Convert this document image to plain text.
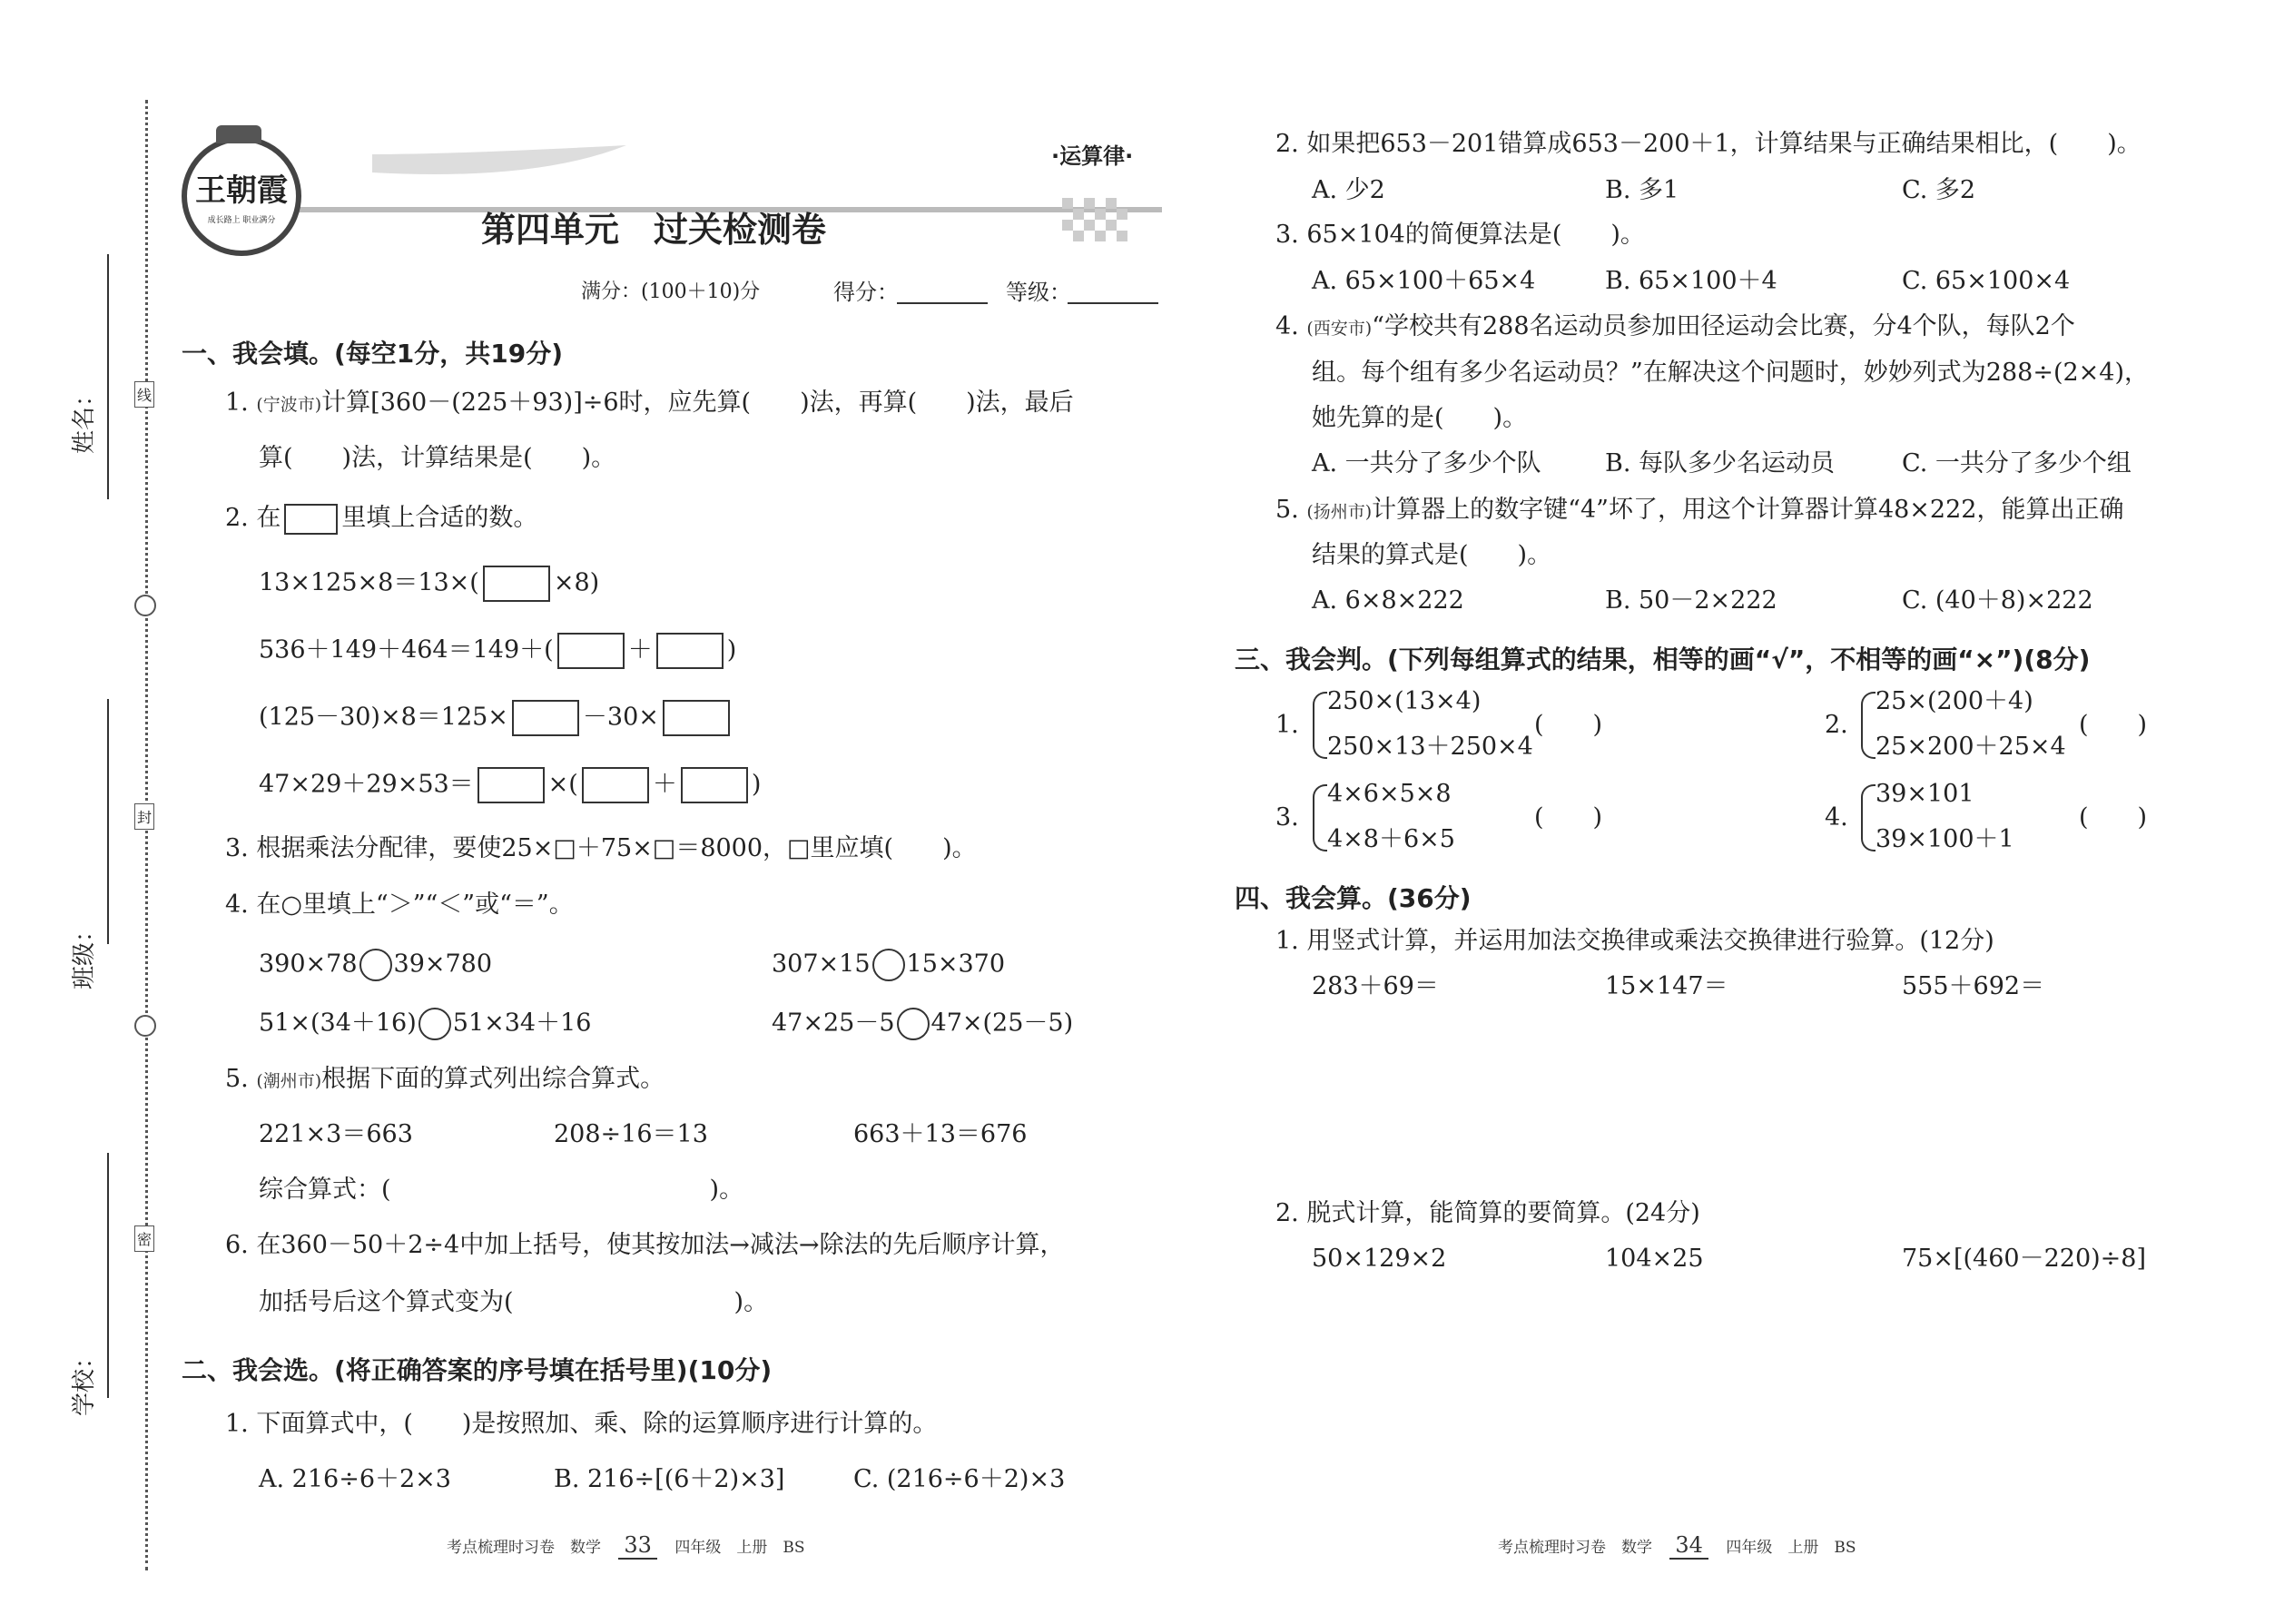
姓名：
班级：
学校：
线
封
密
王朝霞
成长路上 职业满分
·运算律·
第四单元　过关检测卷
满分：(100＋10)分	得分：	等级：
一、我会填。(每空1分，共19分)
1. (宁波市)计算[360－(225＋93)]÷6时，应先算(　　)法，再算(　　)法，最后
算(　　)法，计算结果是(　　)。
2. 在 里填上合适的数。
13×125×8＝13×(	×8)
536＋149＋464＝149＋(	＋	)
(125－30)×8＝125×	－30×
47×29＋29×53＝	×(	＋	)
3. 根据乘法分配律，要使25×□＋75×□＝8000，□里应填(　　)。
4. 在○里填上“＞”“＜”或“＝”。
390×78 39×780	307×15 15×370
51×(34＋16) 51×34＋16	47×25－5 47×(25－5)
5. (潮州市)根据下面的算式列出综合算式。
221×3＝663	208÷16＝13	663＋13＝676
综合算式：(　　　　　　　　　　　　　)。
6. 在360－50＋2÷4中加上括号，使其按加法→减法→除法的先后顺序计算，
加括号后这个算式变为(　　　　　　　　　)。
二、我会选。(将正确答案的序号填在括号里)(10分)
1. 下面算式中，(　　)是按照加、乘、除的运算顺序进行计算的。
A. 216÷6＋2×3	B. 216÷[(6＋2)×3]	C. (216÷6＋2)×3
考点梳理时习卷　数学 33 四年级　上册　BS
2. 如果把653－201错算成653－200＋1，计算结果与正确结果相比，(　　)。
A. 少2	B. 多1	C. 多2
3. 65×104的简便算法是(　　)。
A. 65×100＋65×4	B. 65×100＋4	C. 65×100×4
4. (西安市)“学校共有288名运动员参加田径运动会比赛，分4个队，每队2个
组。每个组有多少名运动员？”在解决这个问题时，妙妙列式为288÷(2×4)，
她先算的是(　　)。
A. 一共分了多少个队	B. 每队多少名运动员	C. 一共分了多少个组
5. (扬州市)计算器上的数字键“4”坏了，用这个计算器计算48×222，能算出正确
结果的算式是(　　)。
A. 6×8×222	B. 50－2×222	C. (40＋8)×222
三、我会判。(下列每组算式的结果，相等的画“√”，不相等的画“×”)(8分)
1.
250×(13×4)
250×13＋250×4
(　　)	2.
25×(200＋4)
25×200＋25×4
(　　)
3.
4×6×5×8
4×8＋6×5
(　　)	4.
39×101
39×100＋1
(　　)
四、我会算。(36分)
1. 用竖式计算，并运用加法交换律或乘法交换律进行验算。(12分)
283＋69＝	15×147＝	555＋692＝
2. 脱式计算，能简算的要简算。(24分)
50×129×2	104×25	75×[(460－220)÷8]
考点梳理时习卷　数学 34 四年级　上册　BS
